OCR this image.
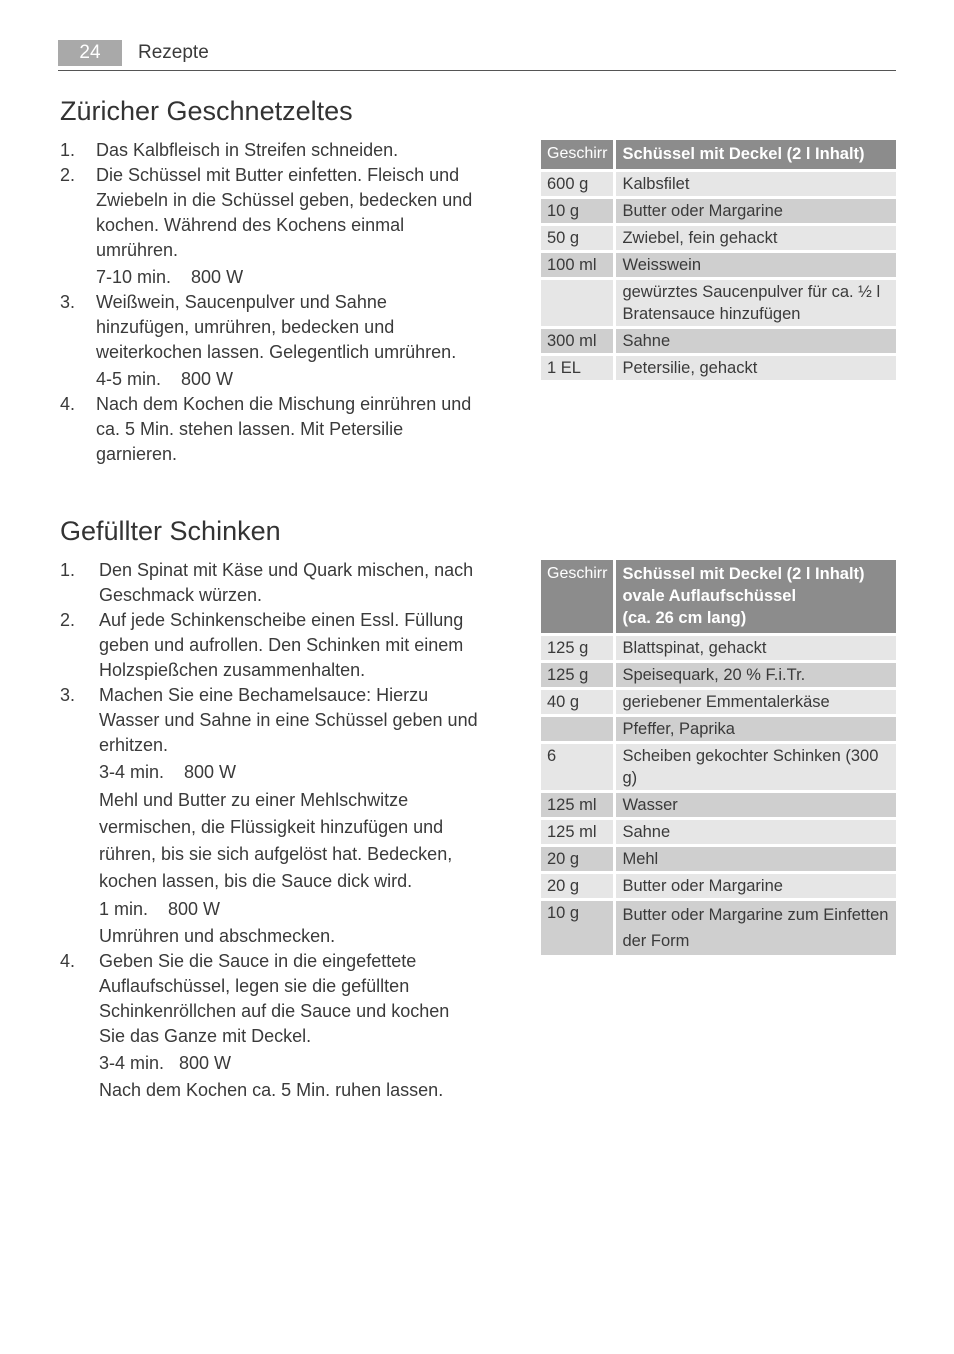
24	Rezepte
Züricher Geschnetzeltes
1. Das Kalbfleisch in Streifen schneiden.
2. Die Schüssel mit Butter einfetten. Fleisch und Zwiebeln in die Schüssel geben, bedecken und kochen. Während des Kochens einmal umrühren.
7-10 min.    800 W
3. Weißwein, Saucenpulver und Sahne hinzufügen, umrühren, bedecken und weiterkochen lassen. Gelegentlich umrühren.
4-5 min.    800 W
4. Nach dem Kochen die Mischung einrühren und ca. 5 Min. stehen lassen. Mit Petersilie garnieren.
Geschirr	Schüssel mit Deckel (2 l Inhalt)
600 g	Kalbsfilet
10 g	Butter oder Margarine
50 g	Zwiebel, fein gehackt
100 ml	Weisswein
	gewürztes Saucenpulver für ca. ½ l Bratensauce hinzufügen
300 ml	Sahne
1 EL	Petersilie, gehackt
Gefüllter Schinken
1. Den Spinat mit Käse und Quark mischen, nach Geschmack würzen.
2. Auf jede Schinkenscheibe einen Essl. Füllung geben und aufrollen. Den Schinken mit einem Holzspießchen zusammenhalten.
3. Machen Sie eine Bechamelsauce: Hierzu Wasser und Sahne in eine Schüssel geben und erhitzen.
3-4 min.    800 W
Mehl und Butter zu einer Mehlschwitze vermischen, die Flüssigkeit hinzufügen und rühren, bis sie sich aufgelöst hat. Bedecken, kochen lassen, bis die Sauce dick wird.
1 min.    800 W
Umrühren und abschmecken.
4. Geben Sie die Sauce in die eingefettete Auflaufschüssel, legen sie die gefüllten Schinkenröllchen auf die Sauce und kochen Sie das Ganze mit Deckel.
3-4 min.   800 W
Nach dem Kochen ca. 5 Min. ruhen lassen.
Geschirr	Schüssel mit Deckel (2 l Inhalt)
ovale Auflaufschüssel
(ca. 26 cm lang)

125 g	Blattspinat, gehackt
125 g	Speisequark, 20 % F.i.Tr.
40 g	geriebener Emmentalerkäse
	Pfeffer, Paprika
6	Scheiben gekochter Schinken (300 g)
125 ml	Wasser
125 ml	Sahne
20 g	Mehl
20 g	Butter oder Margarine
10 g	Butter oder Margarine zum Einfetten der Form
